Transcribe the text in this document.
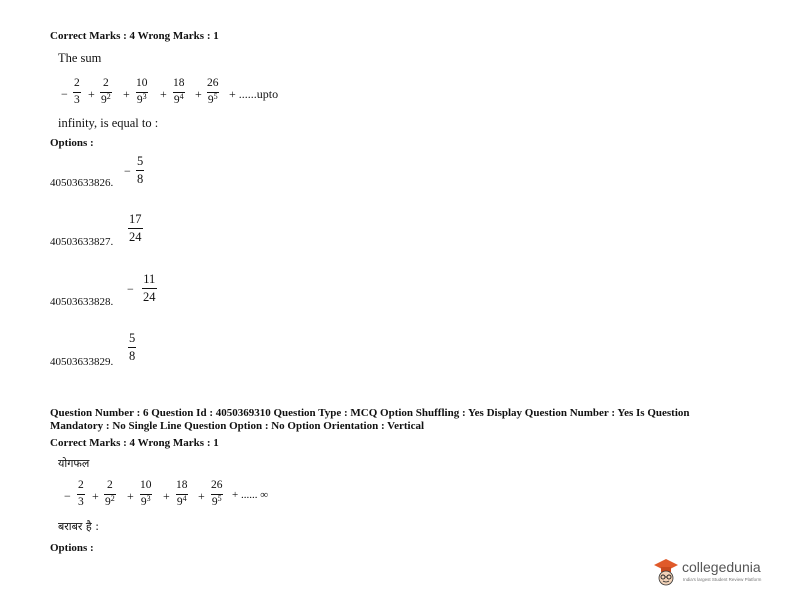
Correct Marks : 4 Wrong Marks : 1
The sum
− $\frac{2}{3} + \frac{2}{9^2} + \frac{10}{9^3} + \frac{18}{9^4} + \frac{26}{9^5}$ + ......upto
infinity, is equal to :
Options :
− $\frac{5}{8}$
40503633826.
$\frac{17}{24}$
40503633827.
− $\frac{11}{24}$
40503633828.
$\frac{5}{8}$
40503633829.
Question Number : 6 Question Id : 4050369310 Question Type : MCQ Option Shuffling : Yes Display Question Number : Yes Is Question
Mandatory : No Single Line Question Option : No Option Orientation : Vertical
Correct Marks : 4 Wrong Marks : 1
योगफल
− $\frac{2}{3} + \frac{2}{9^2} + \frac{10}{9^3} + \frac{18}{9^4} + \frac{26}{9^5}$ + ...... ∞
बराबर है :
Options :
collegedunia
India's largest Student Review Platform
